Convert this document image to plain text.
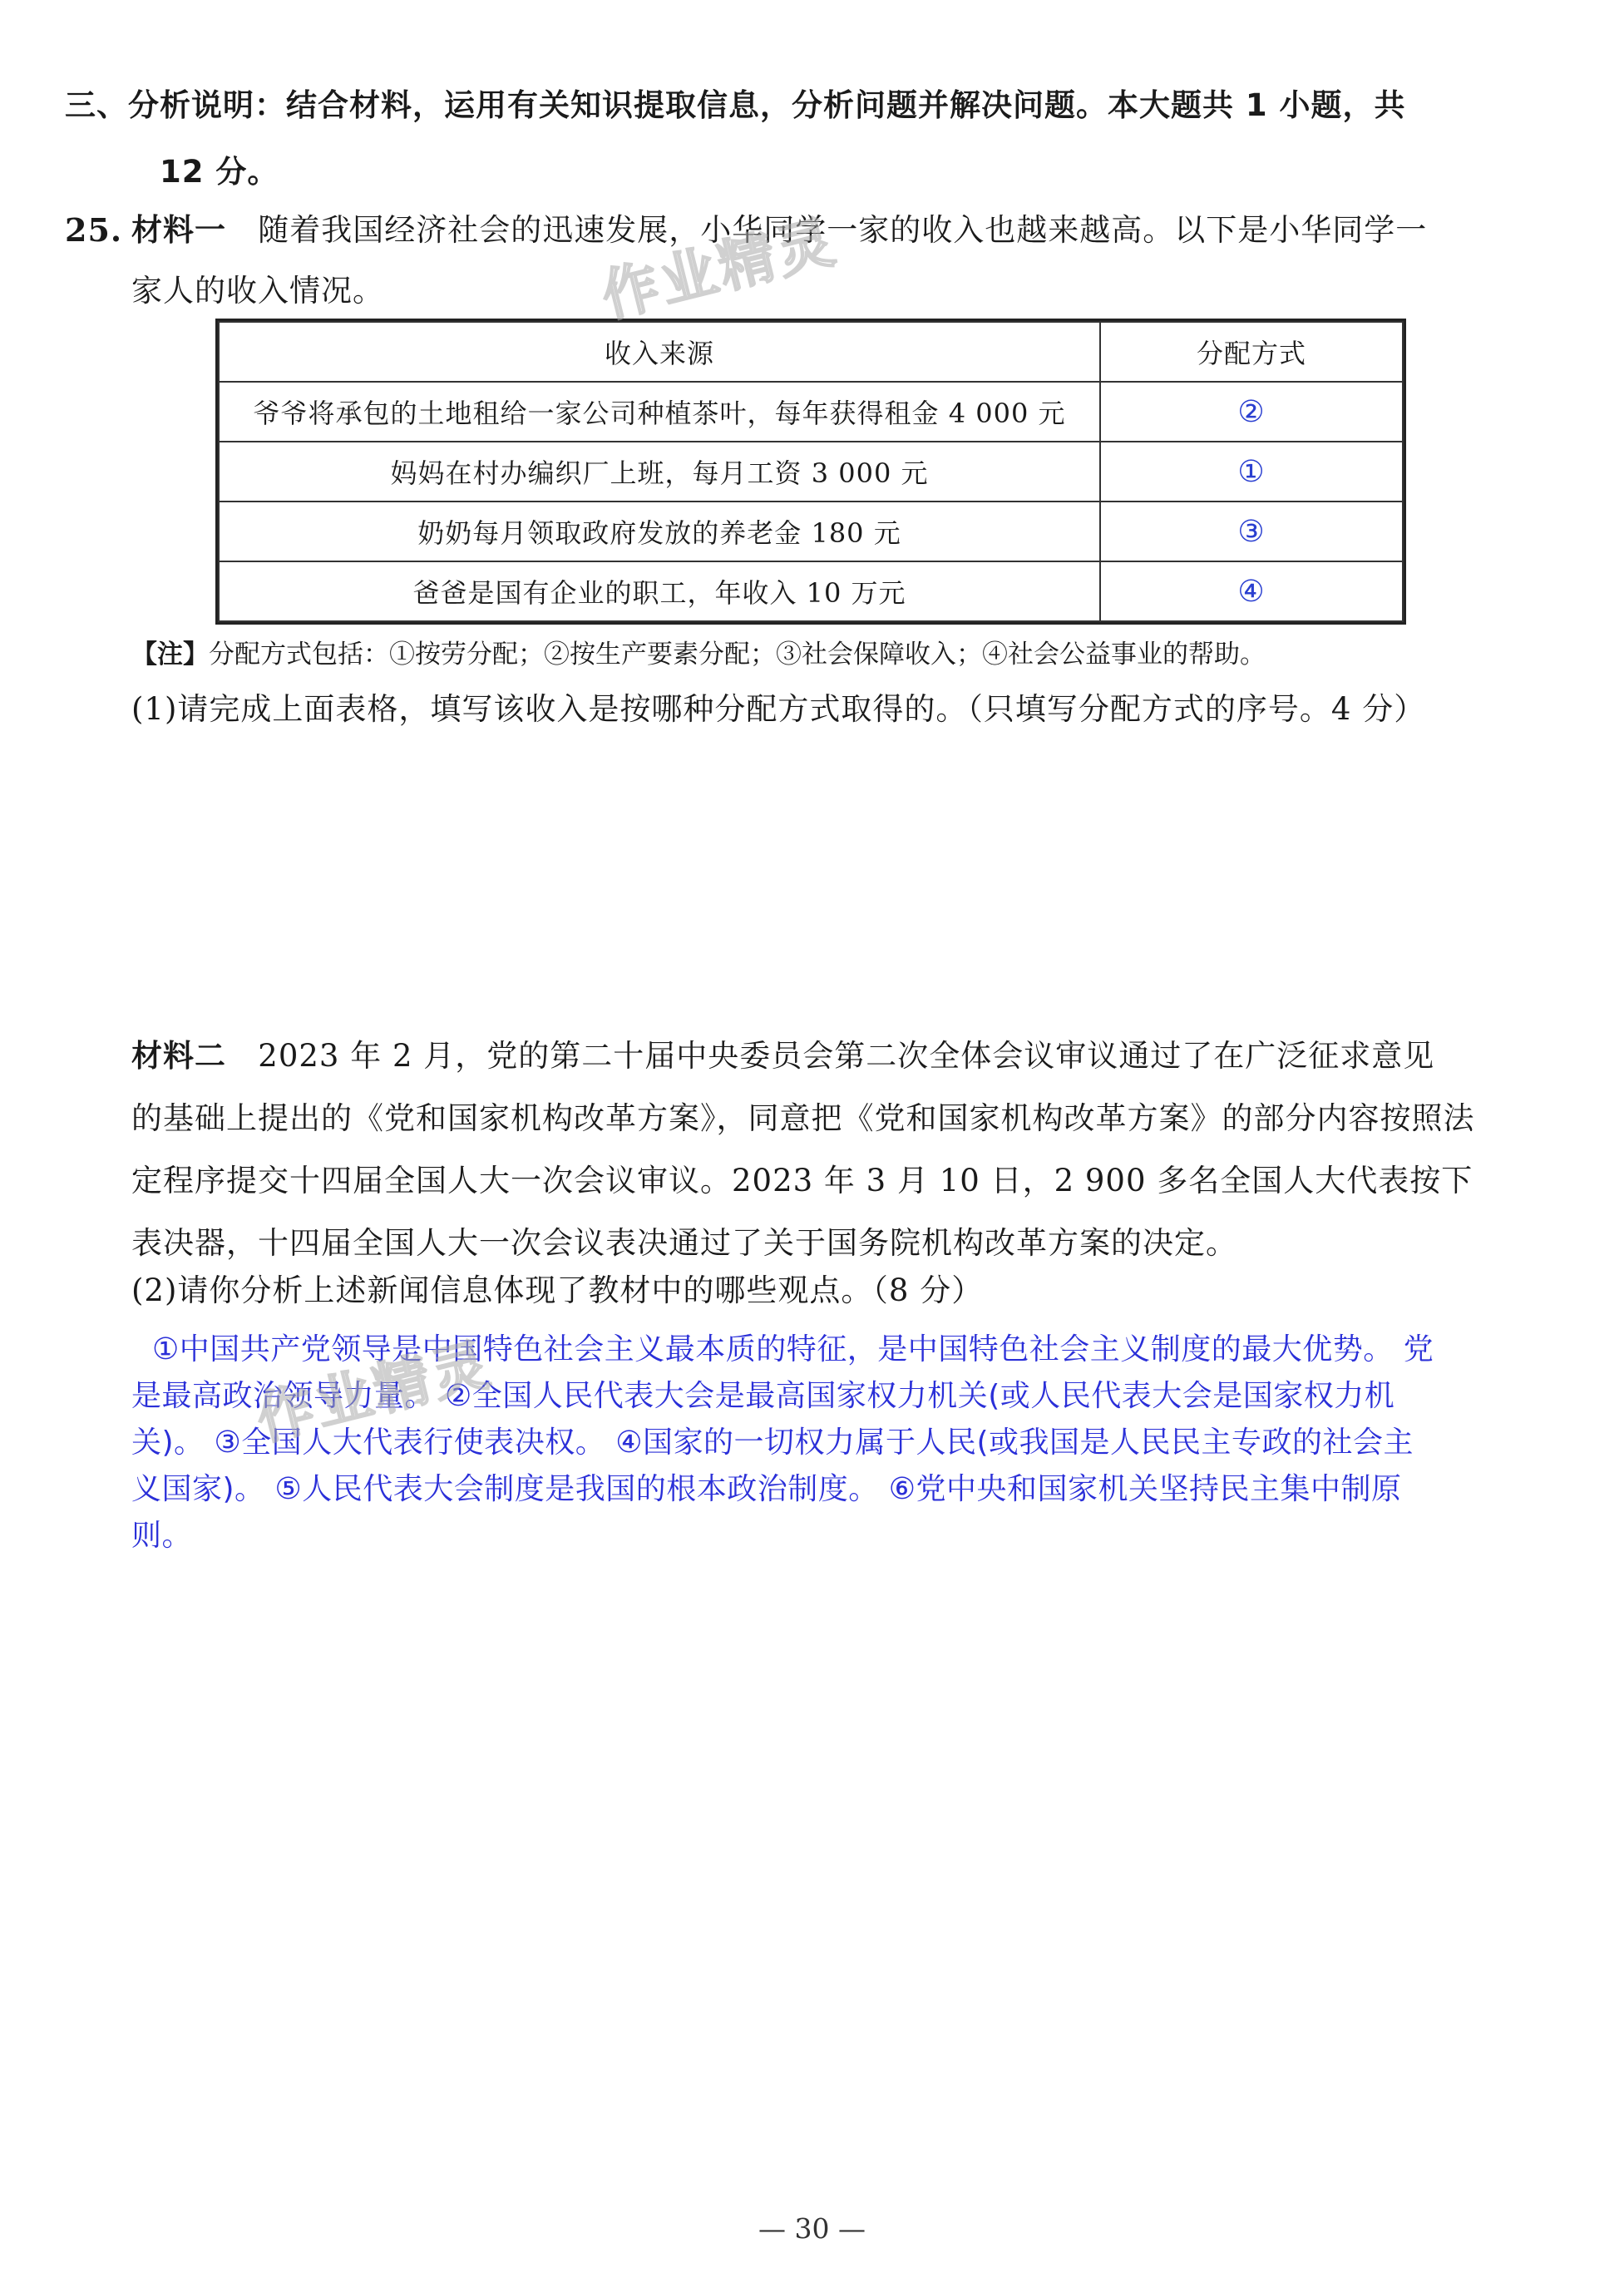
三、分析说明：结合材料，运用有关知识提取信息，分析问题并解决问题。本大题共 1 小题，共
12 分。
25. 材料一 随着我国经济社会的迅速发展，小华同学一家的收入也越来越高。以下是小华同学一
家人的收入情况。
收入来源	分配方式
爷爷将承包的土地租给一家公司种植茶叶，每年获得租金 4 000 元	②
妈妈在村办编织厂上班，每月工资 3 000 元	①
奶奶每月领取政府发放的养老金 180 元	③
爸爸是国有企业的职工，年收入 10 万元	④
【注】分配方式包括：①按劳分配；②按生产要素分配；③社会保障收入；④社会公益事业的帮助。
(1)请完成上面表格，填写该收入是按哪种分配方式取得的。（只填写分配方式的序号。4 分）
材料二 2023 年 2 月，党的第二十届中央委员会第二次全体会议审议通过了在广泛征求意见
的基础上提出的《党和国家机构改革方案》，同意把《党和国家机构改革方案》的部分内容按照法
定程序提交十四届全国人大一次会议审议。2023 年 3 月 10 日，2 900 多名全国人大代表按下
表决器，十四届全国人大一次会议表决通过了关于国务院机构改革方案的决定。
(2)请你分析上述新闻信息体现了教材中的哪些观点。（8 分）
①中国共产党领导是中国特色社会主义最本质的特征，是中国特色社会主义制度的最大优势。 党
是最高政治领导力量。 ②全国人民代表大会是最高国家权力机关(或人民代表大会是国家权力机
关)。 ③全国人大代表行使表决权。 ④国家的一切权力属于人民(或我国是人民民主专政的社会主
义国家)。 ⑤人民代表大会制度是我国的根本政治制度。 ⑥党中央和国家机关坚持民主集中制原
则。
作业精灵
作业精灵
— 30 —
